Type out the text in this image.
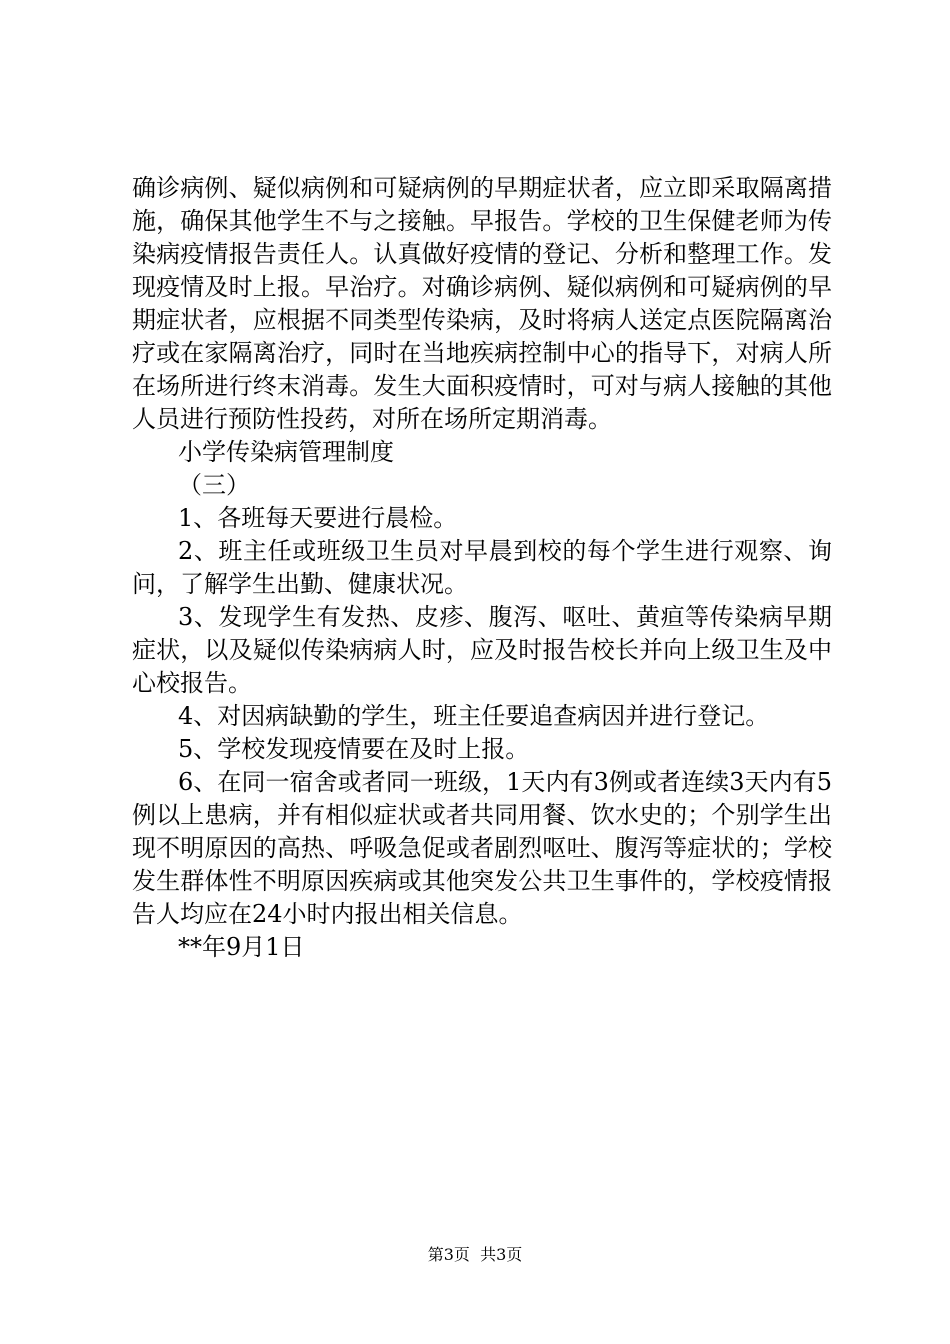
确诊病例、疑似病例和可疑病例的早期症状者，应立即采取隔离措施，确保其他学生不与之接触。早报告。学校的卫生保健老师为传染病疫情报告责任人。认真做好疫情的登记、分析和整理工作。发现疫情及时上报。早治疗。对确诊病例、疑似病例和可疑病例的早期症状者，应根据不同类型传染病，及时将病人送定点医院隔离治疗或在家隔离治疗，同时在当地疾病控制中心的指导下，对病人所在场所进行终末消毒。发生大面积疫情时，可对与病人接触的其他人员进行预防性投药，对所在场所定期消毒。

小学传染病管理制度

（三）

1、各班每天要进行晨检。

2、班主任或班级卫生员对早晨到校的每个学生进行观察、询问，了解学生出勤、健康状况。

3、发现学生有发热、皮疹、腹泻、呕吐、黄疸等传染病早期症状，以及疑似传染病病人时，应及时报告校长并向上级卫生及中心校报告。

4、对因病缺勤的学生，班主任要追查病因并进行登记。

5、学校发现疫情要在及时上报。

6、在同一宿舍或者同一班级，1天内有3例或者连续3天内有5例以上患病，并有相似症状或者共同用餐、饮水史的；个别学生出现不明原因的高热、呼吸急促或者剧烈呕吐、腹泻等症状的；学校发生群体性不明原因疾病或其他突发公共卫生事件的，学校疫情报告人均应在24小时内报出相关信息。

**年9月1日

第3页 共3页
